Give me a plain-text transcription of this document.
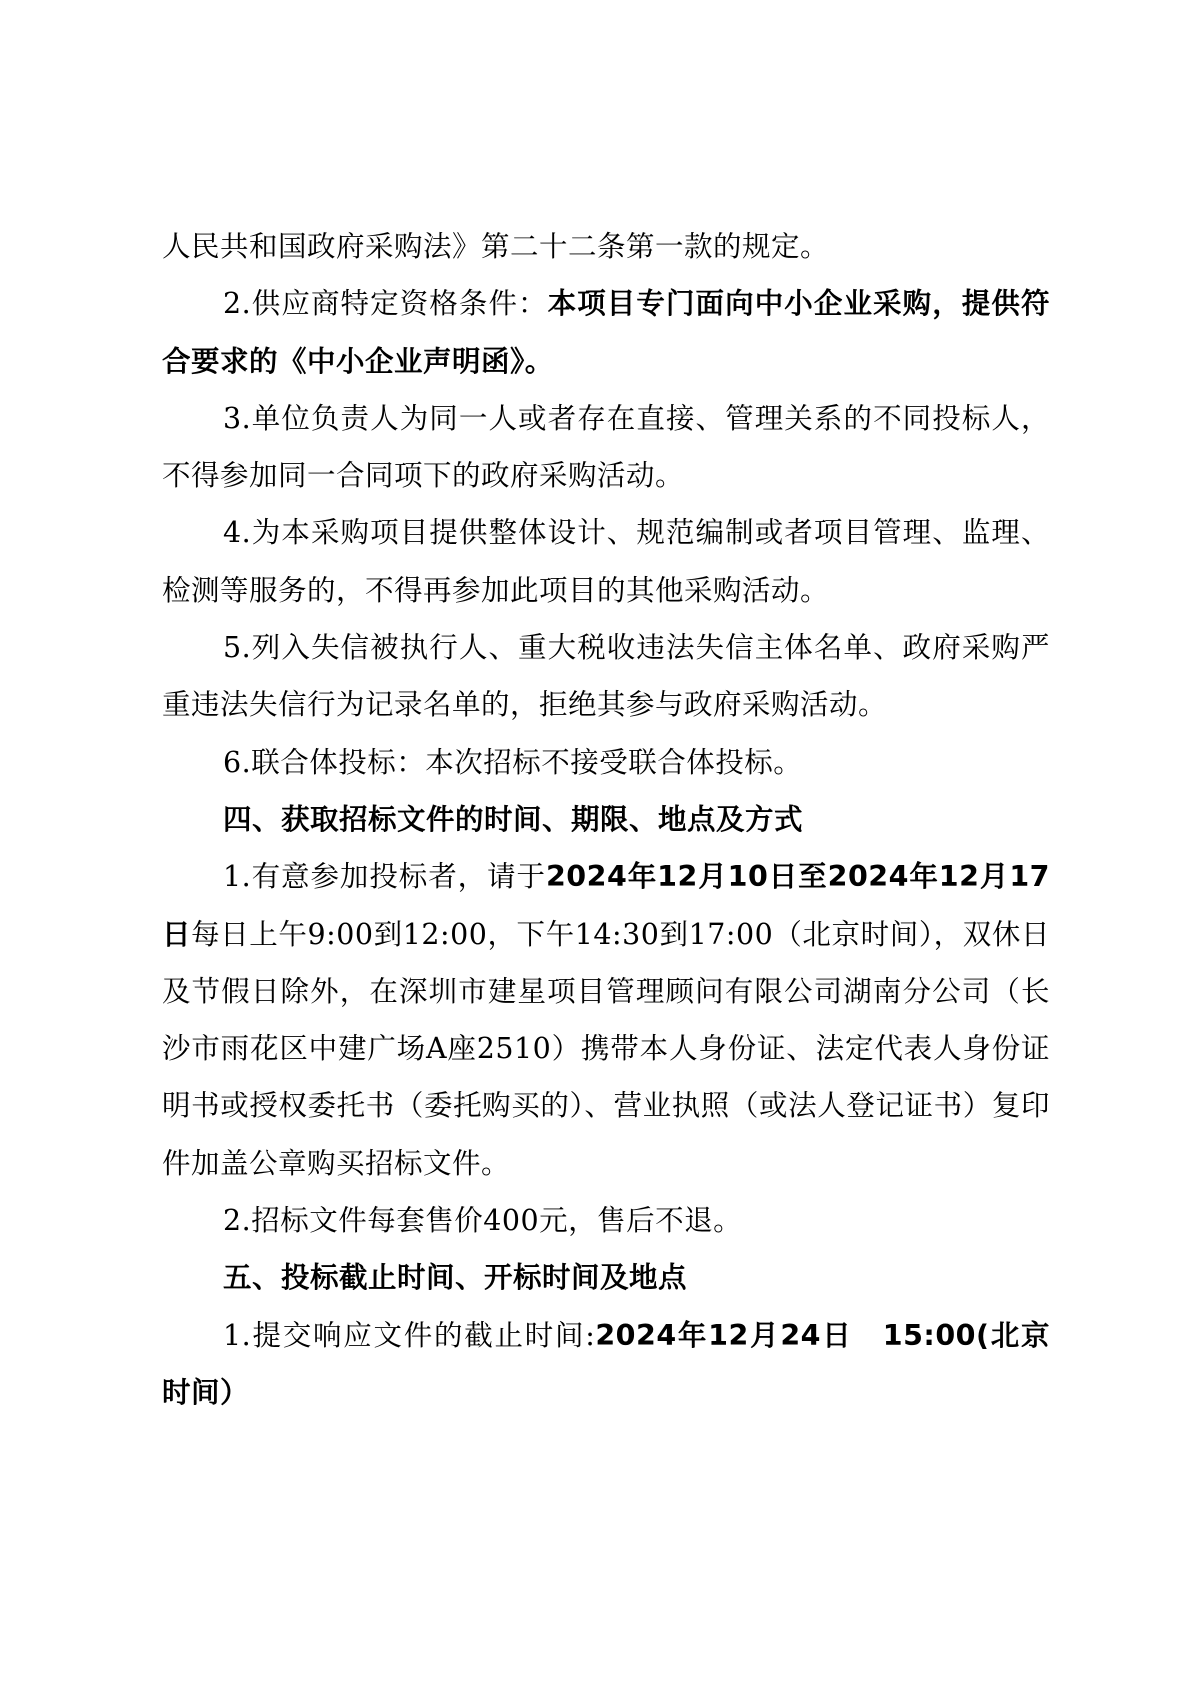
人民共和国政府采购法》第二十二条第一款的规定。

2.供应商特定资格条件：本项目专门面向中小企业采购，提供符合要求的《中小企业声明函》。

3.单位负责人为同一人或者存在直接、管理关系的不同投标人，不得参加同一合同项下的政府采购活动。

4.为本采购项目提供整体设计、规范编制或者项目管理、监理、检测等服务的，不得再参加此项目的其他采购活动。

5.列入失信被执行人、重大税收违法失信主体名单、政府采购严重违法失信行为记录名单的，拒绝其参与政府采购活动。

6.联合体投标：本次招标不接受联合体投标。

四、获取招标文件的时间、期限、地点及方式

1.有意参加投标者，请于2024年12月10日至2024年12月17日每日上午9:00到12:00，下午14:30到17:00（北京时间），双休日及节假日除外，在深圳市建星项目管理顾问有限公司湖南分公司（长沙市雨花区中建广场A座2510）携带本人身份证、法定代表人身份证明书或授权委托书（委托购买的）、营业执照（或法人登记证书）复印件加盖公章购买招标文件。

2.招标文件每套售价400元，售后不退。

五、投标截止时间、开标时间及地点

1.提交响应文件的截止时间:2024年12月24日　15:00(北京时间）
